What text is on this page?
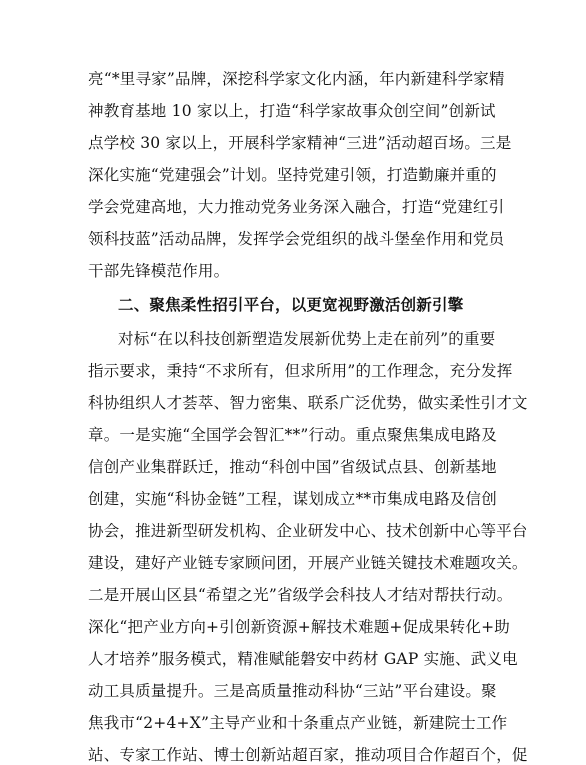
亮“*里寻家”品牌，深挖科学家文化内涵，年内新建科学家精
神教育基地 10 家以上，打造“科学家故事众创空间”创新试
点学校 30 家以上，开展科学家精神“三进”活动超百场。三是
深化实施“党建强会”计划。坚持党建引领，打造勤廉并重的
学会党建高地，大力推动党务业务深入融合，打造“党建红引
领科技蓝”活动品牌，发挥学会党组织的战斗堡垒作用和党员
干部先锋模范作用。
二、聚焦柔性招引平台，以更宽视野激活创新引擎
对标“在以科技创新塑造发展新优势上走在前列”的重要
指示要求，秉持“不求所有，但求所用”的工作理念，充分发挥
科协组织人才荟萃、智力密集、联系广泛优势，做实柔性引才文
章。一是实施“全国学会智汇**”行动。重点聚焦集成电路及
信创产业集群跃迁，推动“科创中国”省级试点县、创新基地
创建，实施“科协金链”工程，谋划成立**市集成电路及信创
协会，推进新型研发机构、企业研发中心、技术创新中心等平台
建设，建好产业链专家顾问团，开展产业链关键技术难题攻关。
二是开展山区县“希望之光”省级学会科技人才结对帮扶行动。
深化“把产业方向+引创新资源+解技术难题+促成果转化+助
人才培养”服务模式，精准赋能磐安中药材 GAP 实施、武义电
动工具质量提升。三是高质量推动科协“三站”平台建设。聚
焦我市“2+4+X”主导产业和十条重点产业链，新建院士工作
站、专家工作站、博士创新站超百家，推动项目合作超百个，促
